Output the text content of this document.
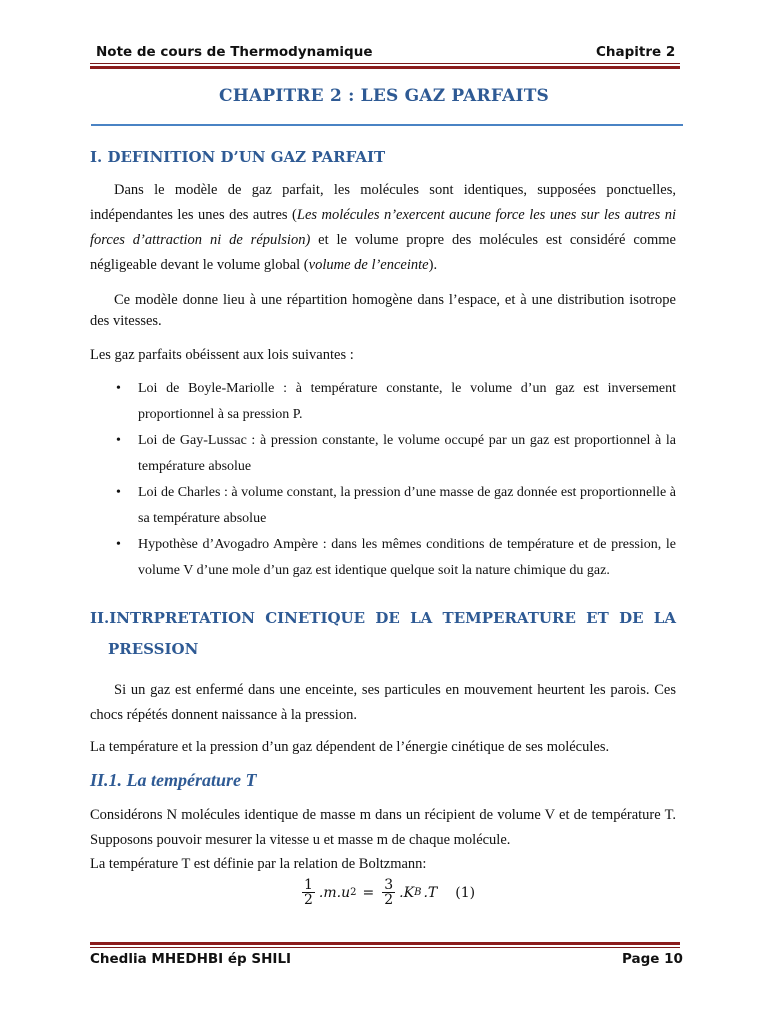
Note de cours de Thermodynamique	Chapitre 2
CHAPITRE 2 : LES GAZ PARFAITS
I. DEFINITION D’UN GAZ PARFAIT
Dans le modèle de gaz parfait, les molécules sont identiques, supposées ponctuelles, indépendantes les unes des autres (Les molécules n’exercent aucune force les unes sur les autres ni forces d’attraction ni de répulsion) et le volume propre des molécules est considéré comme négligeable devant le volume global (volume de l’enceinte).
Ce modèle donne lieu à une répartition homogène dans l’espace, et à une distribution isotrope des vitesses.
Les gaz parfaits obéissent aux lois suivantes :
• Loi de Boyle-Mariolle : à température constante, le volume d’un gaz est inversement proportionnel à sa pression P.
• Loi de Gay-Lussac : à pression constante, le volume occupé par un gaz est proportionnel à la température absolue
• Loi de Charles : à volume constant, la pression d’une masse de gaz donnée est proportionnelle à sa température absolue
• Hypothèse d’Avogadro Ampère : dans les mêmes conditions de température et de pression, le volume V d’une mole d’un gaz est identique quelque soit la nature chimique du gaz.
II.INTRPRETATION CINETIQUE DE LA TEMPERATURE ET DE LA
PRESSION
Si un gaz est enfermé dans une enceinte, ses particules en mouvement heurtent les parois. Ces chocs répétés donnent naissance à la pression.
La température et la pression d’un gaz dépendent de l’énergie cinétique de ses molécules.
II.1. La température T
Considérons N molécules identique de masse m dans un récipient de volume V et de température T. Supposons pouvoir mesurer la vitesse u et masse m de chaque molécule.
La température T est définie par la relation de Boltzmann:
$\frac{1}{2} .m.u$ $2 = \frac{3}{2} .K$ B .T (1)
Chedlia MHEDHBI ép SHILI	Page 10
